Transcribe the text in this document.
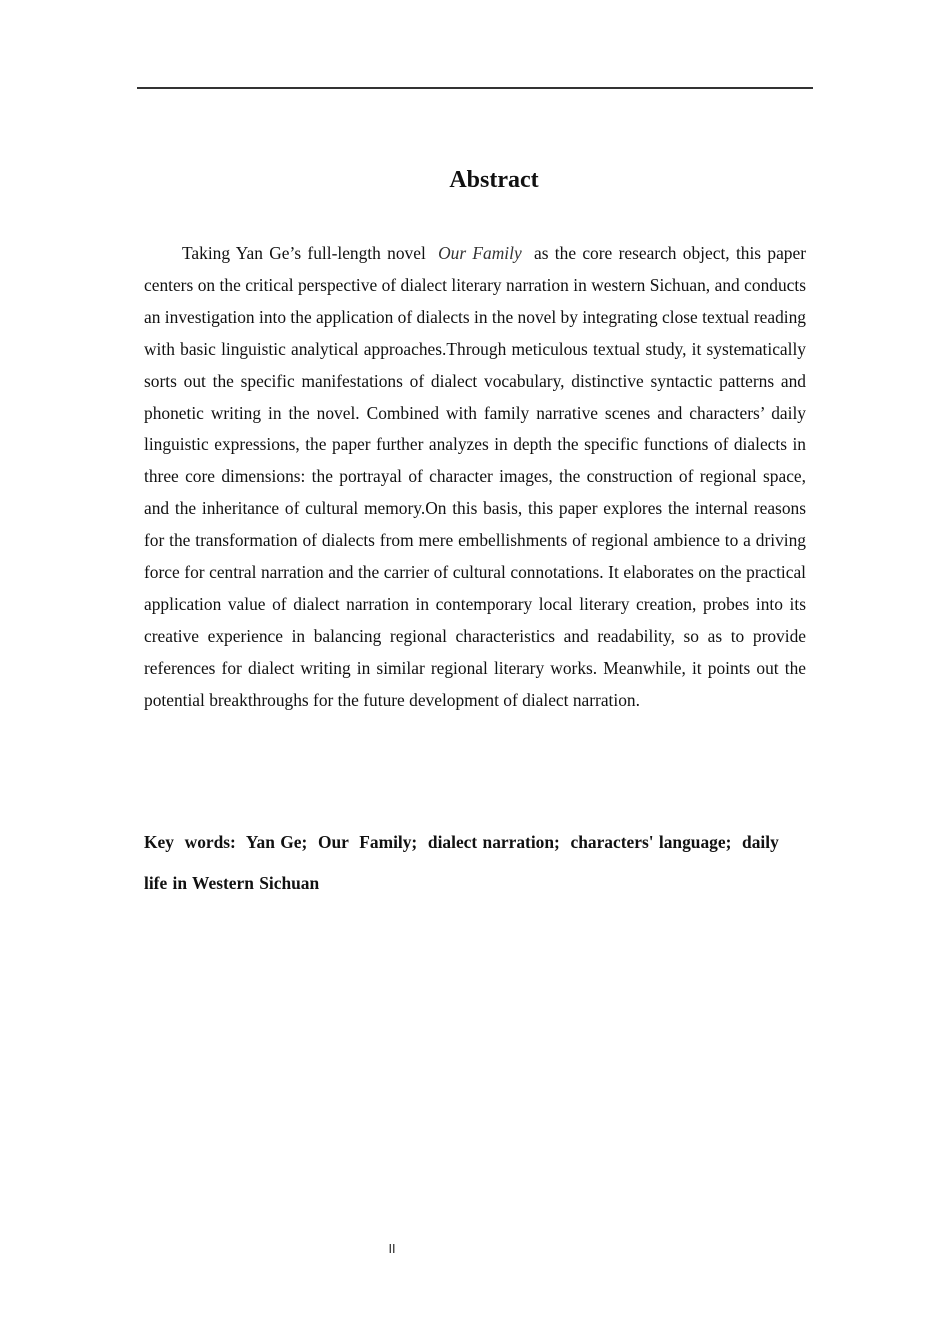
Abstract

Taking Yan Ge’s full-length novel Our Family as the core research object, this paper centers on the critical perspective of dialect literary narration in western Sichuan, and conducts an investigation into the application of dialects in the novel by integrating close textual reading with basic linguistic analytical approaches.Through meticulous textual study, it systematically sorts out the specific manifestations of dialect vocabulary, distinctive syntactic patterns and phonetic writing in the novel. Combined with family narrative scenes and characters’ daily linguistic expressions, the paper further analyzes in depth the specific functions of dialects in three core dimensions: the portrayal of character images, the construction of regional space, and the inheritance of cultural memory.On this basis, this paper explores the internal reasons for the transformation of dialects from mere embellishments of regional ambience to a driving force for central narration and the carrier of cultural connotations. It elaborates on the practical application value of dialect narration in contemporary local literary creation, probes into its creative experience in balancing regional characteristics and readability, so as to provide references for dialect writing in similar regional literary works. Meanwhile, it points out the potential breakthroughs for the future development of dialect narration.

Key  words:  Yan Ge;  Our  Family;  dialect narration;  characters' language;  daily life in Western Sichuan

II
